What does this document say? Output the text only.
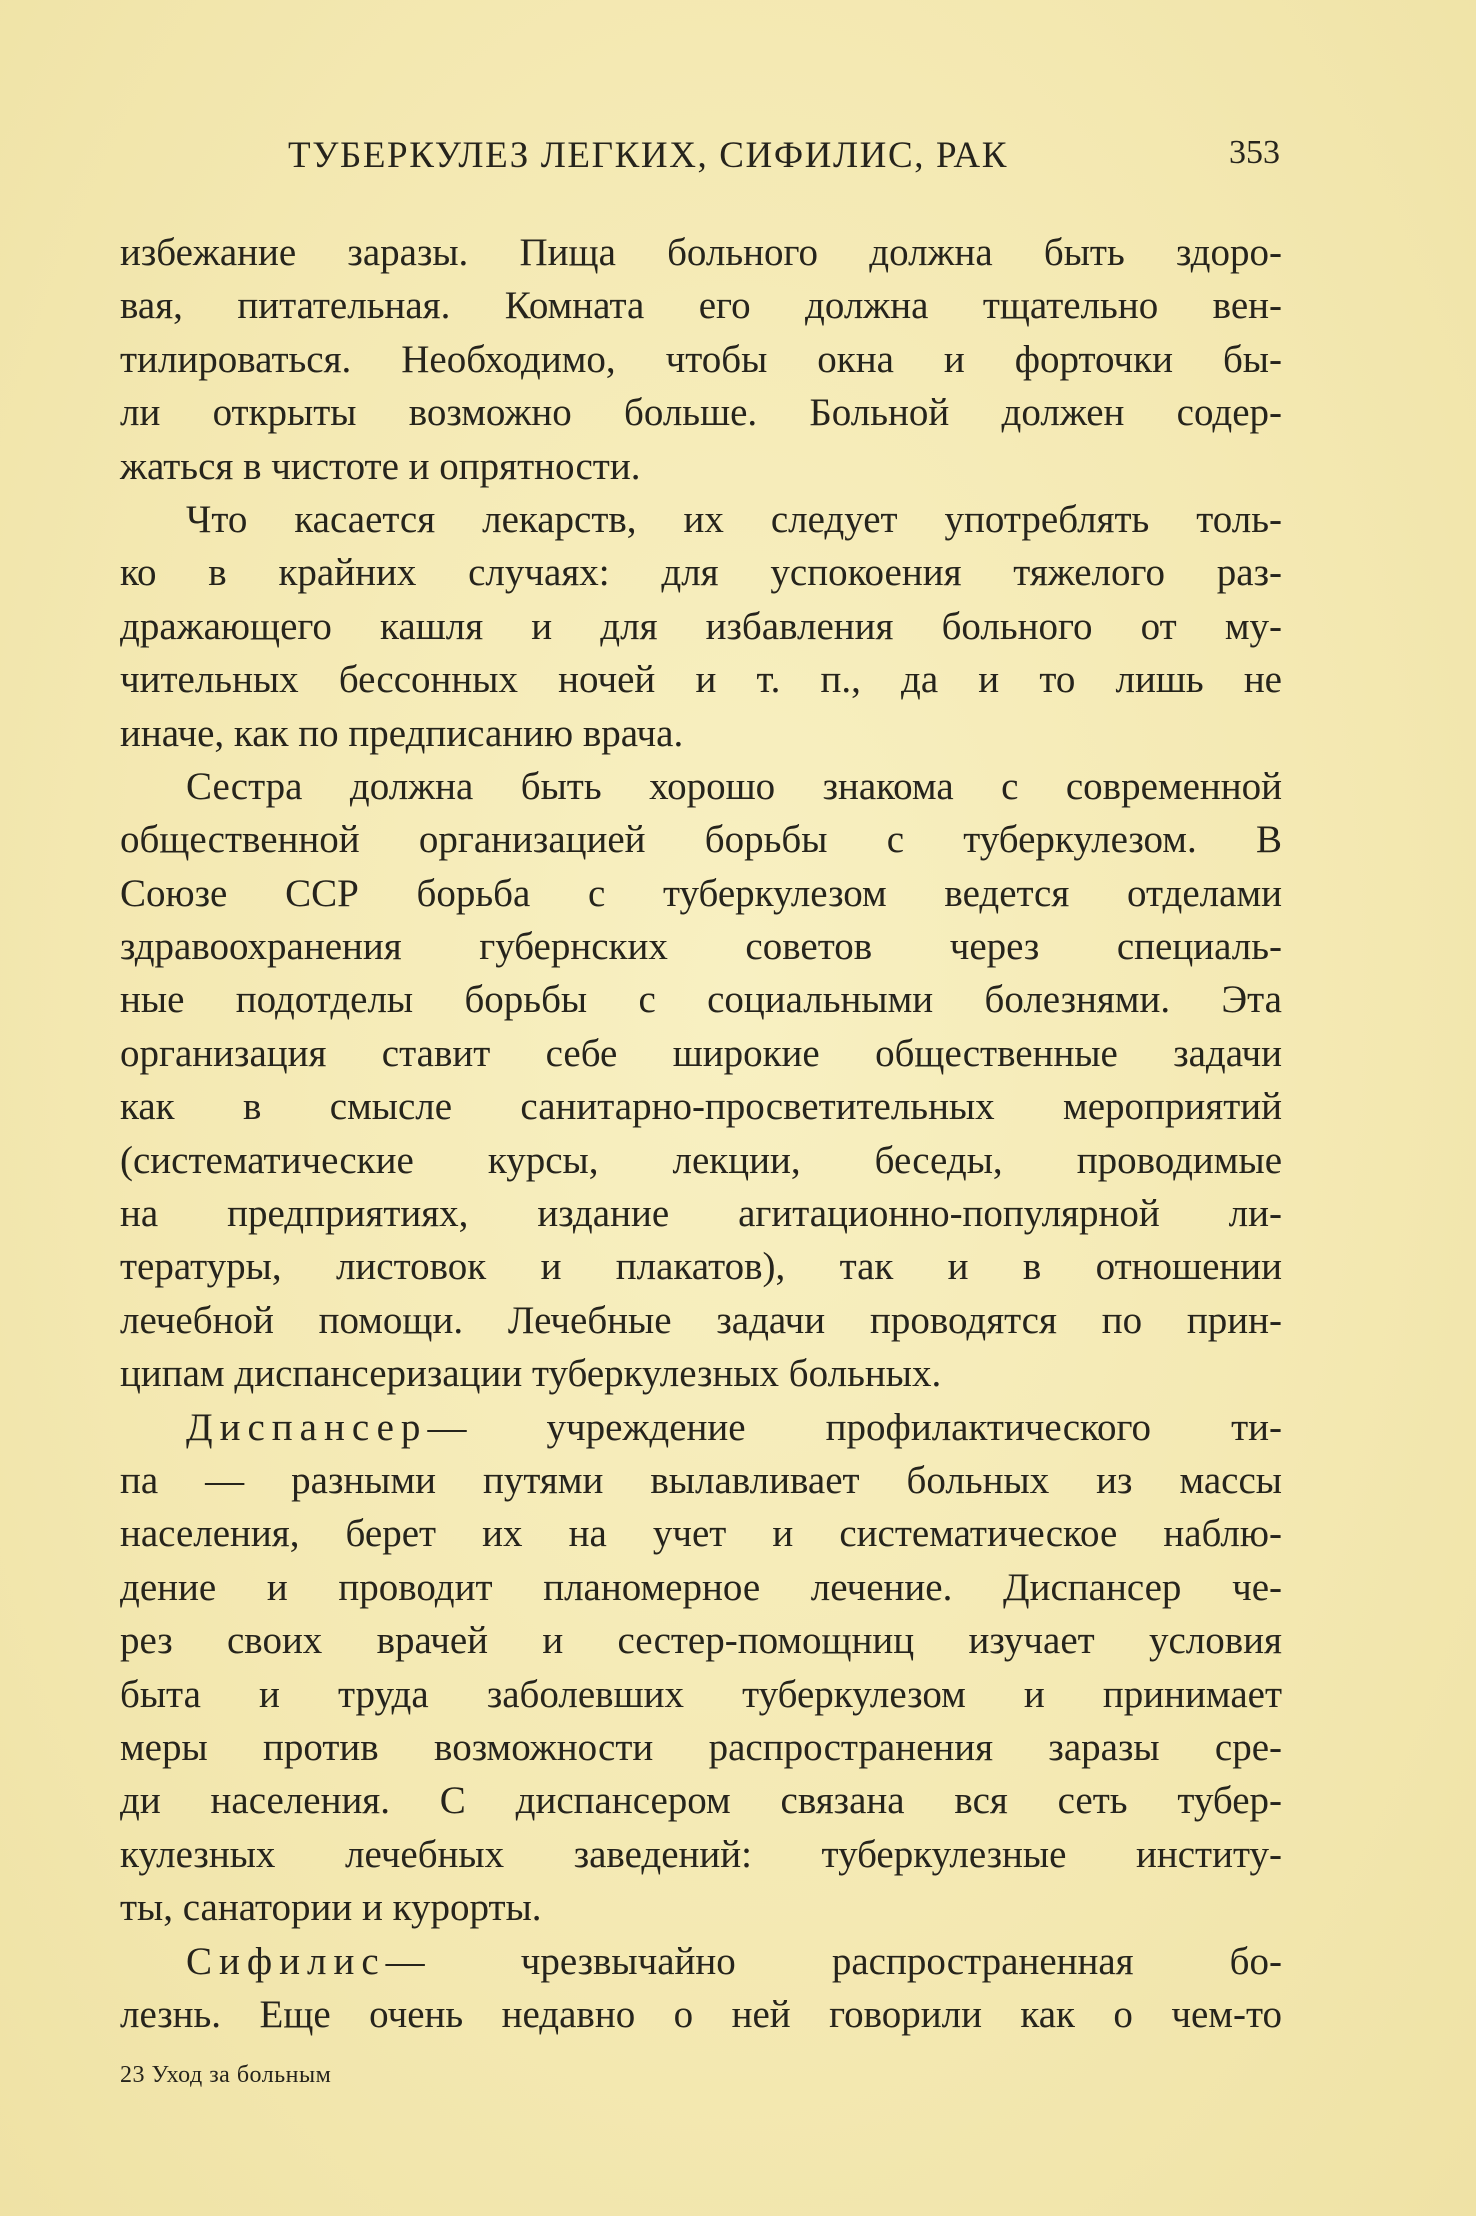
ТУБЕРКУЛЕЗ ЛЕГКИХ, СИФИЛИС, РАК	353
избежание заразы. Пища больного должна быть здоро-
вая, питательная. Комната его должна тщательно вен-
тилироваться. Необходимо, чтобы окна и форточки бы-
ли открыты возможно больше. Больной должен содер-
жаться в чистоте и опрятности.
Что касается лекарств, их следует употреблять толь-
ко в крайних случаях: для успокоения тяжелого раз-
дражающего кашля и для избавления больного от му-
чительных бессонных ночей и т. п., да и то лишь не
иначе, как по предписанию врача.
Сестра должна быть хорошо знакома с современной
общественной организацией борьбы с туберкулезом. В
Союзе ССР борьба с туберкулезом ведется отделами
здравоохранения губернских советов через специаль-
ные подотделы борьбы с социальными болезнями. Эта
организация ставит себе широкие общественные задачи
как в смысле санитарно-просветительных мероприятий
(систематические курсы, лекции, беседы, проводимые
на предприятиях, издание агитационно-популярной ли-
тературы, листовок и плакатов), так и в отношении
лечебной помощи. Лечебные задачи проводятся по прин-
ципам диспансеризации туберкулезных больных.
Диспансер— учреждение профилактического ти-
па — разными путями вылавливает больных из массы
населения, берет их на учет и систематическое наблю-
дение и проводит планомерное лечение. Диспансер че-
рез своих врачей и сестер-помощниц изучает условия
быта и труда заболевших туберкулезом и принимает
меры против возможности распространения заразы сре-
ди населения. С диспансером связана вся сеть тубер-
кулезных лечебных заведений: туберкулезные институ-
ты, санатории и курорты.
Сифилис— чрезвычайно распространенная бо-
лезнь. Еще очень недавно о ней говорили как о чем-то
23 Уход за больным
